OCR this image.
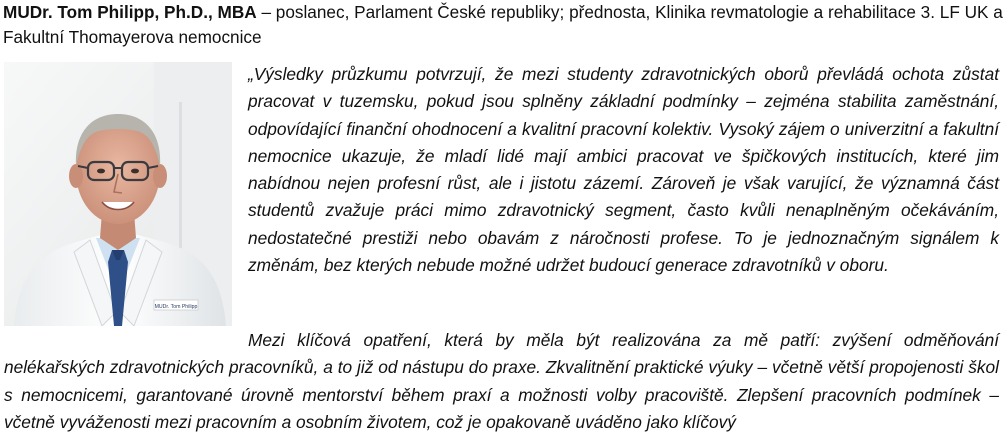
MUDr. Tom Philipp, Ph.D., MBA – poslanec, Parlament České republiky; přednosta, Klinika revmatologie a rehabilitace 3. LF UK a Fakultní Thomayerova nemocnice
MUDr. Tom Philipp

„Výsledky průzkumu potvrzují, že mezi studenty zdravotnických oborů převládá ochota zůstat pracovat v tuzemsku, pokud jsou splněny základní podmínky – zejména stabilita zaměstnání, odpovídající finanční ohodnocení a kvalitní pracovní kolektiv. Vysoký zájem o univerzitní a fakultní nemocnice ukazuje, že mladí lidé mají ambici pracovat ve špičkových institucích, které jim nabídnou nejen profesní růst, ale i jistotu zázemí. Zároveň je však varující, že významná část studentů zvažuje práci mimo zdravotnický segment, často kvůli nenaplněným očekáváním, nedostatečné prestiži nebo obavám z náročnosti profese. To je jednoznačným signálem k změnám, bez kterých nebude možné udržet budoucí generace zdravotníků v oboru.

Mezi klíčová opatření, která by měla být realizována za mě patří: zvýšení odměňování nelékařských zdravotnických pracovníků, a to již od nástupu do praxe. Zkvalitnění praktické výuky – včetně větší propojenosti škol s nemocnicemi, garantované úrovně mentorství během praxí a možnosti volby pracoviště. Zlepšení pracovních podmínek – včetně vyváženosti mezi pracovním a osobním životem, což je opakovaně uváděno jako klíčový
